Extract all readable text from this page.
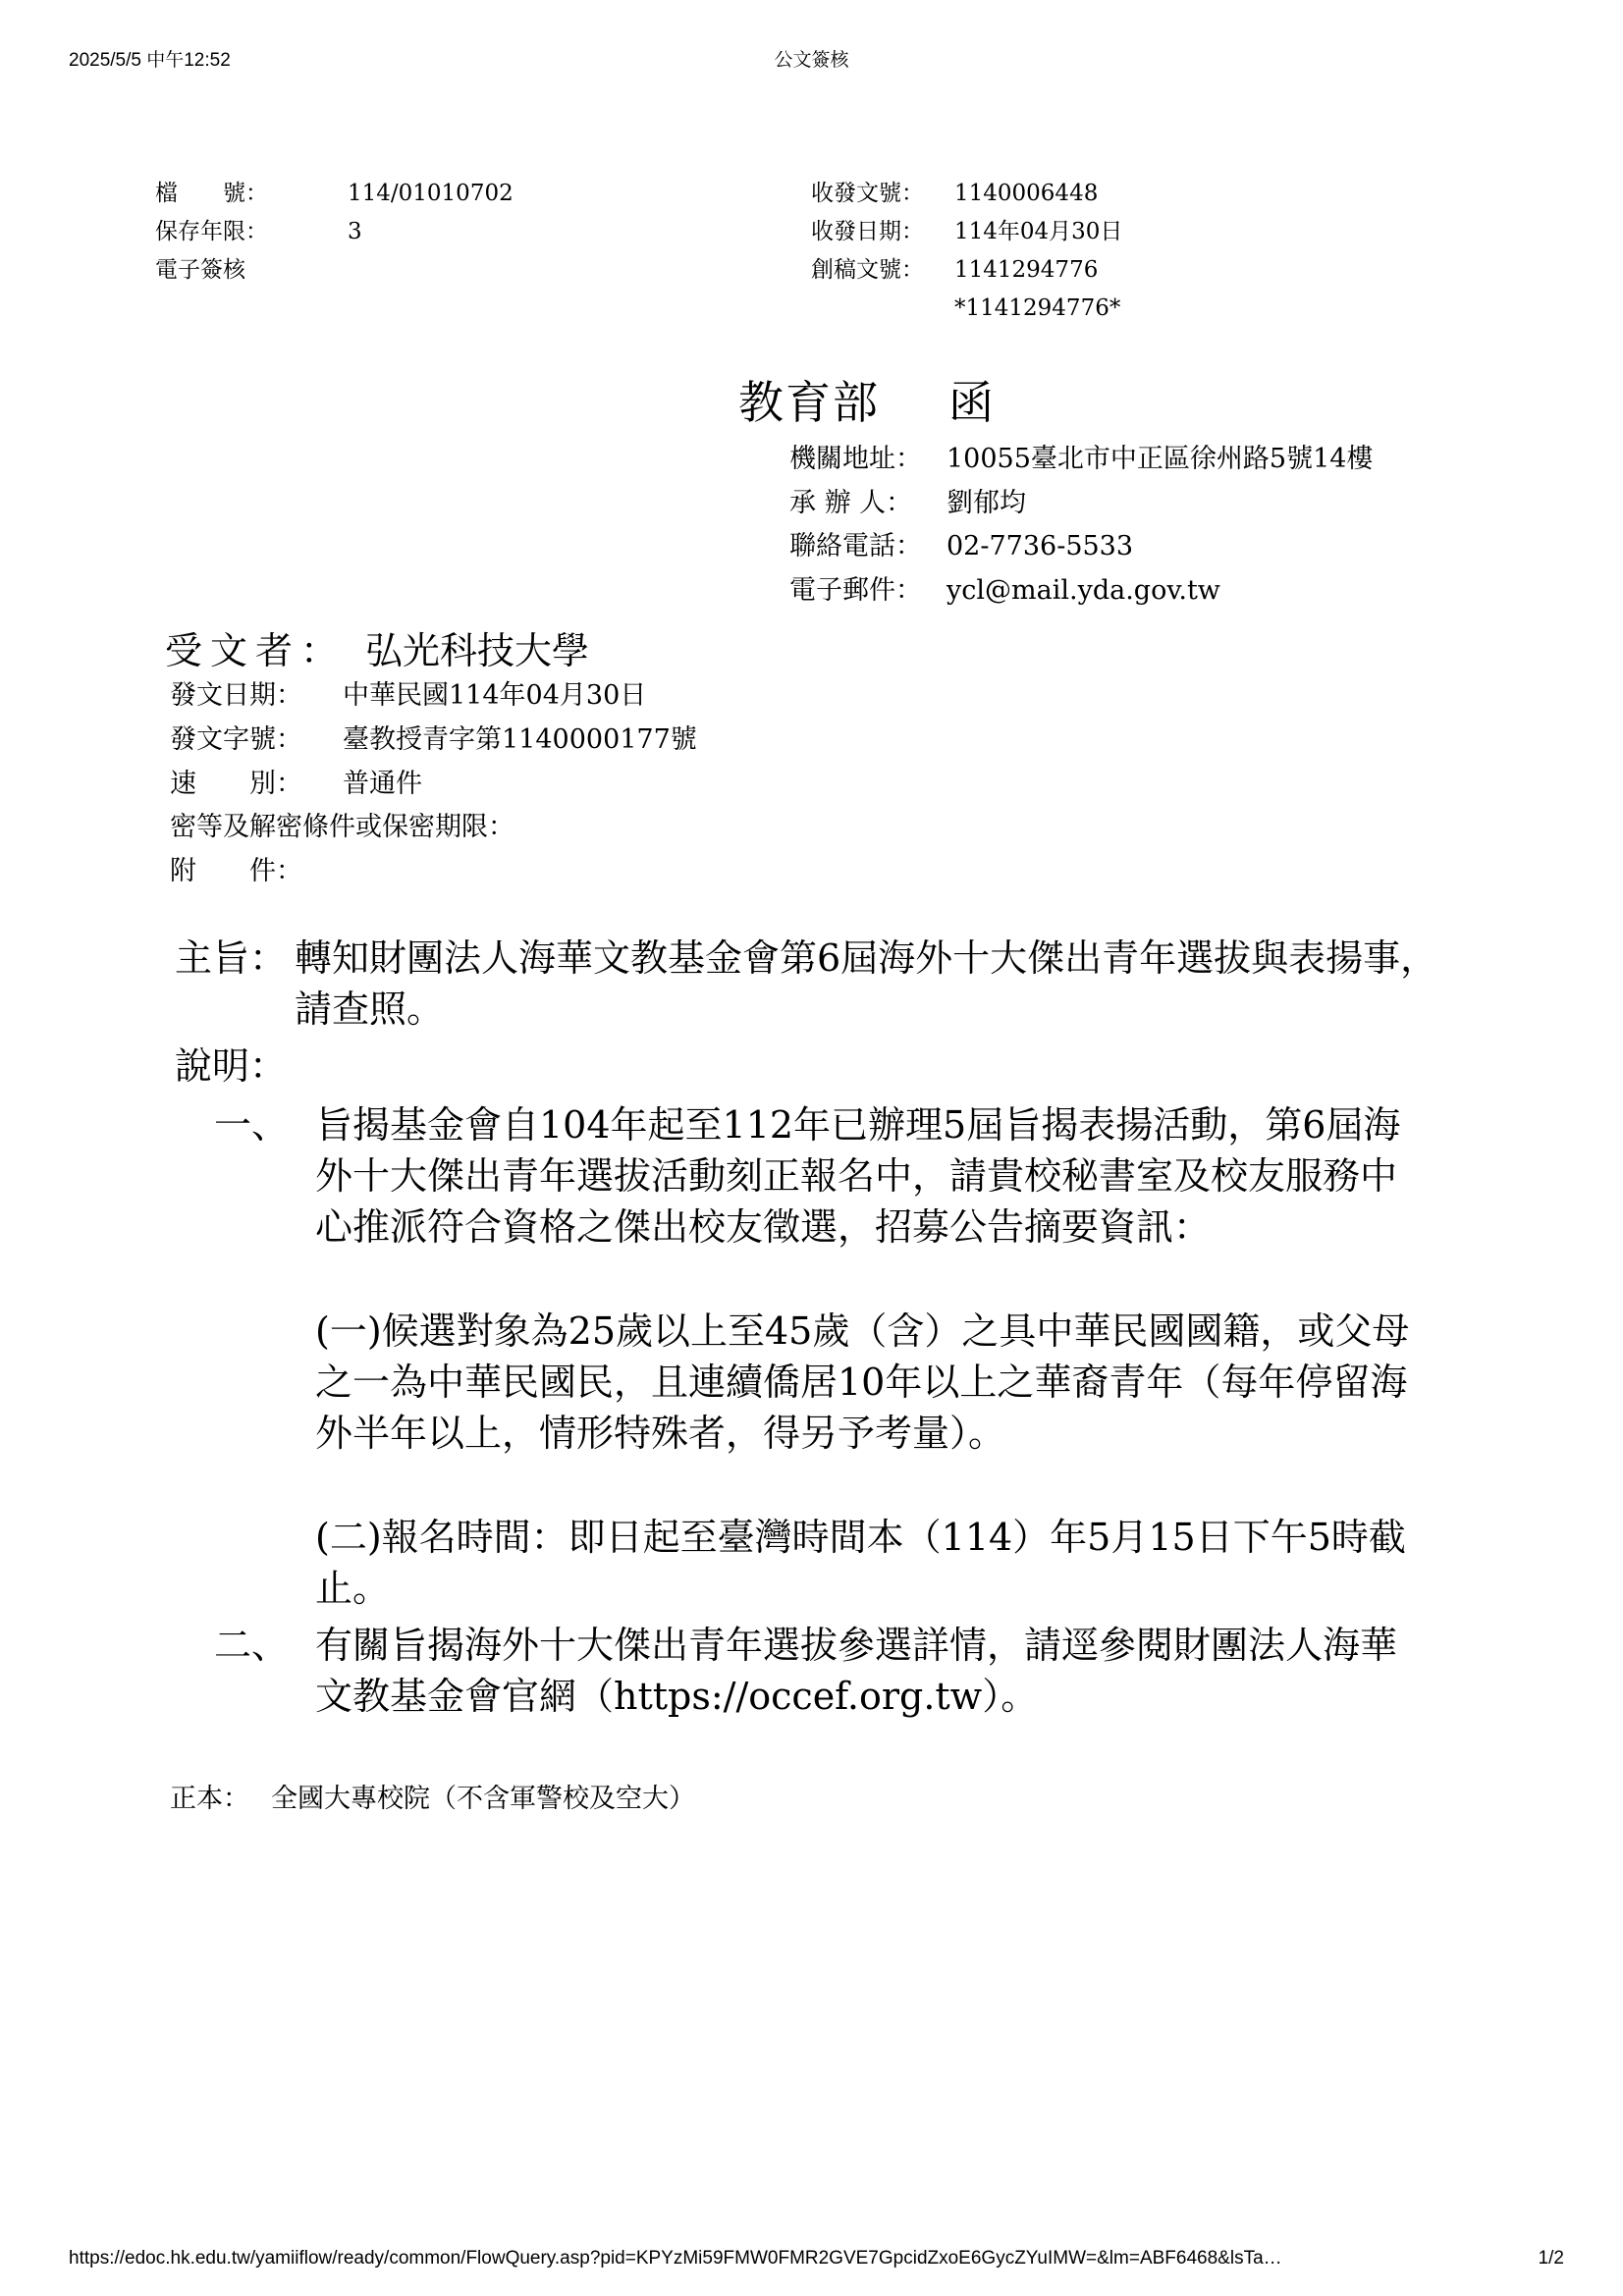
2025/5/5 中午12:52	公文簽核
檔　　號：	114/01010702
保存年限：	3
電子簽核
收發文號：	1140006448
收發日期：	114年04月30日
創稿文號：	1141294776
*1141294776*
教育部 函
機關地址： 10055臺北市中正區徐州路5號14樓
承 辦 人：	劉郁均
聯絡電話： 02-7736-5533
電子郵件： ycl@mail.yda.gov.tw
受文者： 弘光科技大學
發文日期：	中華民國114年04月30日
發文字號：	臺教授青字第1140000177號
速　　別：	普通件
密等及解密條件或保密期限：
附　　件：
主旨： 轉知財團法人海華文教基金會第6屆海外十大傑出青年選拔與表揚事，請查照。
說明：
一、 旨揭基金會自104年起至112年已辦理5屆旨揭表揚活動，第6屆海外十大傑出青年選拔活動刻正報名中，請貴校秘書室及校友服務中心推派符合資格之傑出校友徵選，招募公告摘要資訊：
(一)候選對象為25歲以上至45歲（含）之具中華民國國籍，或父母之一為中華民國民，且連續僑居10年以上之華裔青年（每年停留海外半年以上，情形特殊者，得另予考量）。
(二)報名時間：即日起至臺灣時間本（114）年5月15日下午5時截止。
二、 有關旨揭海外十大傑出青年選拔參選詳情，請逕參閱財團法人海華文教基金會官網（https://occef.org.tw）。
正本： 全國大專校院（不含軍警校及空大）
https://edoc.hk.edu.tw/yamiiflow/ready/common/FlowQuery.asp?pid=KPYzMi59FMW0FMR2GVE7GpcidZxoE6GycZYuIMW=&lm=ABF6468&lsTa…	1/2
